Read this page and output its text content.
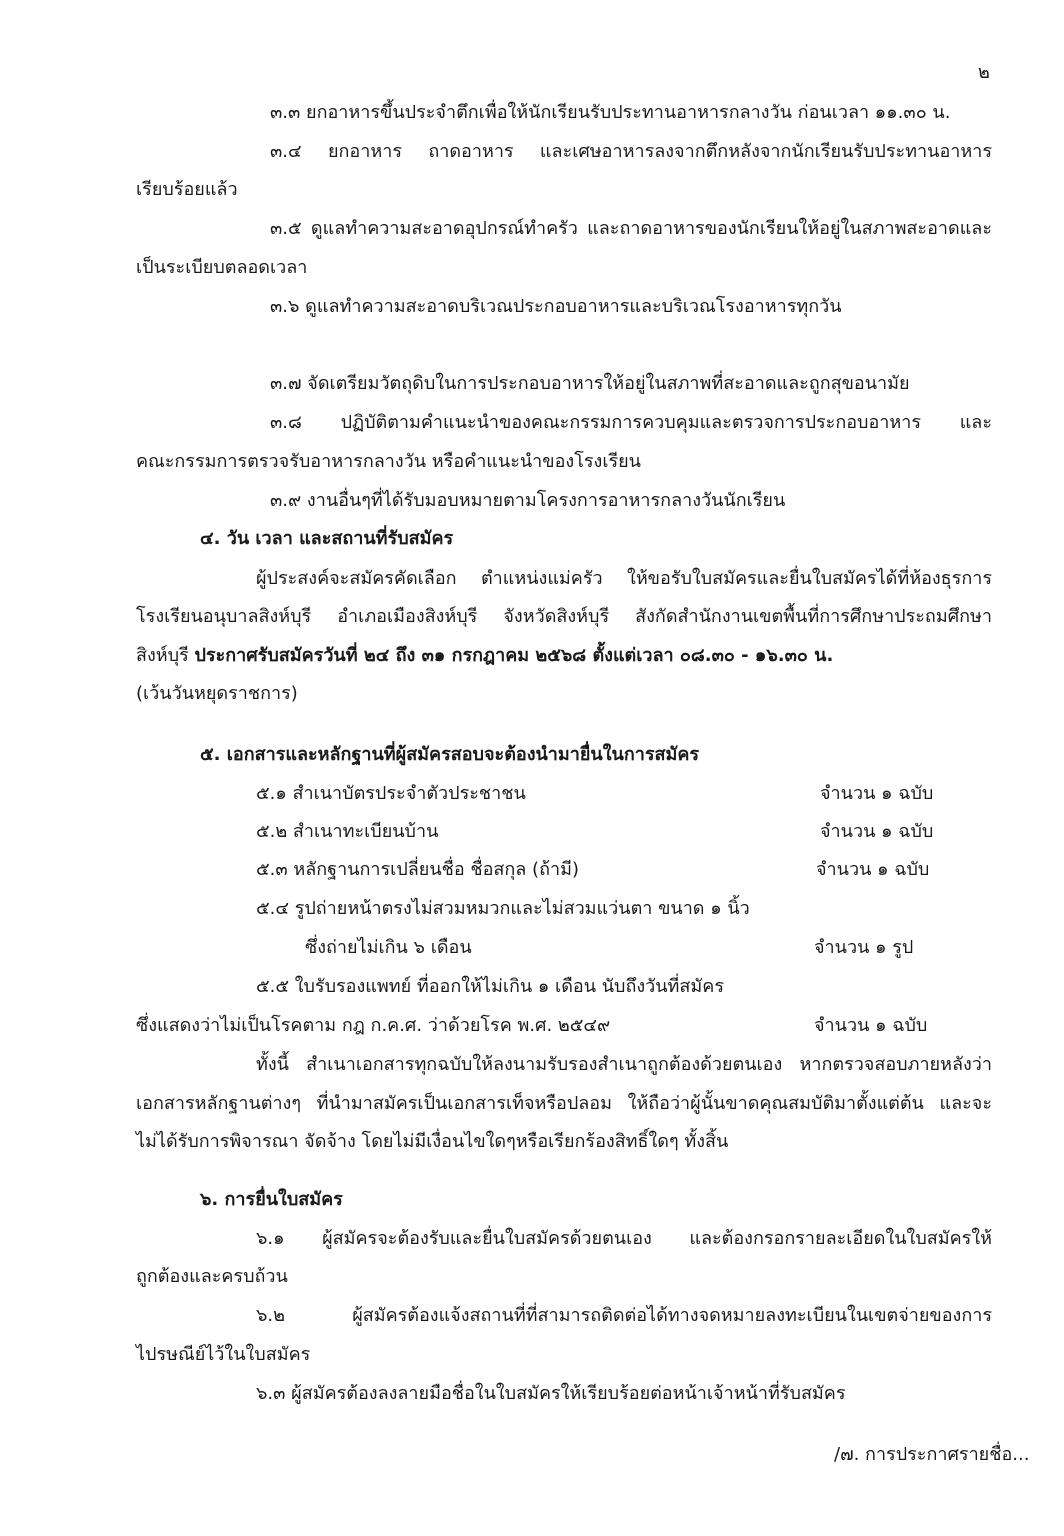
๒
๓.๓ ยกอาหารขึ้นประจำตึกเพื่อให้นักเรียนรับประทานอาหารกลางวัน ก่อนเวลา ๑๑.๓๐ น.
๓.๔ ยกอาหาร ถาดอาหาร และเศษอาหารลงจากตึกหลังจากนักเรียนรับประทานอาหาร
เรียบร้อยแล้ว
๓.๕ ดูแลทำความสะอาดอุปกรณ์ทำครัว และถาดอาหารของนักเรียนให้อยู่ในสภาพสะอาดและ
เป็นระเบียบตลอดเวลา
๓.๖ ดูแลทำความสะอาดบริเวณประกอบอาหารและบริเวณโรงอาหารทุกวัน
๓.๗ จัดเตรียมวัตถุดิบในการประกอบอาหารให้อยู่ในสภาพที่สะอาดและถูกสุขอนามัย
๓.๘ ปฏิบัติตามคำแนะนำของคณะกรรมการควบคุมและตรวจการประกอบอาหาร และ
คณะกรรมการตรวจรับอาหารกลางวัน หรือคำแนะนำของโรงเรียน
๓.๙ งานอื่นๆที่ได้รับมอบหมายตามโครงการอาหารกลางวันนักเรียน
๔. วัน เวลา และสถานที่รับสมัคร
ผู้ประสงค์จะสมัครคัดเลือก ตำแหน่งแม่ครัว ให้ขอรับใบสมัครและยื่นใบสมัครได้ที่ห้องธุรการ
โรงเรียนอนุบาลสิงห์บุรี อำเภอเมืองสิงห์บุรี จังหวัดสิงห์บุรี สังกัดสำนักงานเขตพื้นที่การศึกษาประถมศึกษา
สิงห์บุรี ประกาศรับสมัครวันที่ ๒๔ ถึง ๓๑ กรกฎาคม ๒๕๖๘ ตั้งแต่เวลา ๐๘.๓๐ - ๑๖.๓๐ น.
(เว้นวันหยุดราชการ)
๕. เอกสารและหลักฐานที่ผู้สมัครสอบจะต้องนำมายื่นในการสมัคร
๕.๑ สำเนาบัตรประจำตัวประชาชน	จำนวน ๑ ฉบับ
๕.๒ สำเนาทะเบียนบ้าน	จำนวน ๑ ฉบับ
๕.๓ หลักฐานการเปลี่ยนชื่อ ชื่อสกุล (ถ้ามี)	จำนวน ๑ ฉบับ
๕.๔ รูปถ่ายหน้าตรงไม่สวมหมวกและไม่สวมแว่นตา ขนาด ๑ นิ้ว
ซึ่งถ่ายไม่เกิน ๖ เดือน	จำนวน ๑ รูป
๕.๕ ใบรับรองแพทย์ ที่ออกให้ไม่เกิน ๑ เดือน นับถึงวันที่สมัคร
ซึ่งแสดงว่าไม่เป็นโรคตาม กฎ ก.ค.ศ. ว่าด้วยโรค พ.ศ. ๒๕๔๙	จำนวน ๑ ฉบับ
ทั้งนี้ สำเนาเอกสารทุกฉบับให้ลงนามรับรองสำเนาถูกต้องด้วยตนเอง หากตรวจสอบภายหลังว่า
เอกสารหลักฐานต่างๆ ที่นำมาสมัครเป็นเอกสารเท็จหรือปลอม ให้ถือว่าผู้นั้นขาดคุณสมบัติมาตั้งแต่ต้น และจะ
ไม่ได้รับการพิจารณา จัดจ้าง โดยไม่มีเงื่อนไขใดๆหรือเรียกร้องสิทธิ์ใดๆ ทั้งสิ้น
๖. การยื่นใบสมัคร
๖.๑ ผู้สมัครจะต้องรับและยื่นใบสมัครด้วยตนเอง และต้องกรอกรายละเอียดในใบสมัครให้
ถูกต้องและครบถ้วน
๖.๒ ผู้สมัครต้องแจ้งสถานที่ที่สามารถติดต่อได้ทางจดหมายลงทะเบียนในเขตจ่ายของการ
ไปรษณีย์ไว้ในใบสมัคร
๖.๓ ผู้สมัครต้องลงลายมือชื่อในใบสมัครให้เรียบร้อยต่อหน้าเจ้าหน้าที่รับสมัคร
/๗. การประกาศรายชื่อ...
